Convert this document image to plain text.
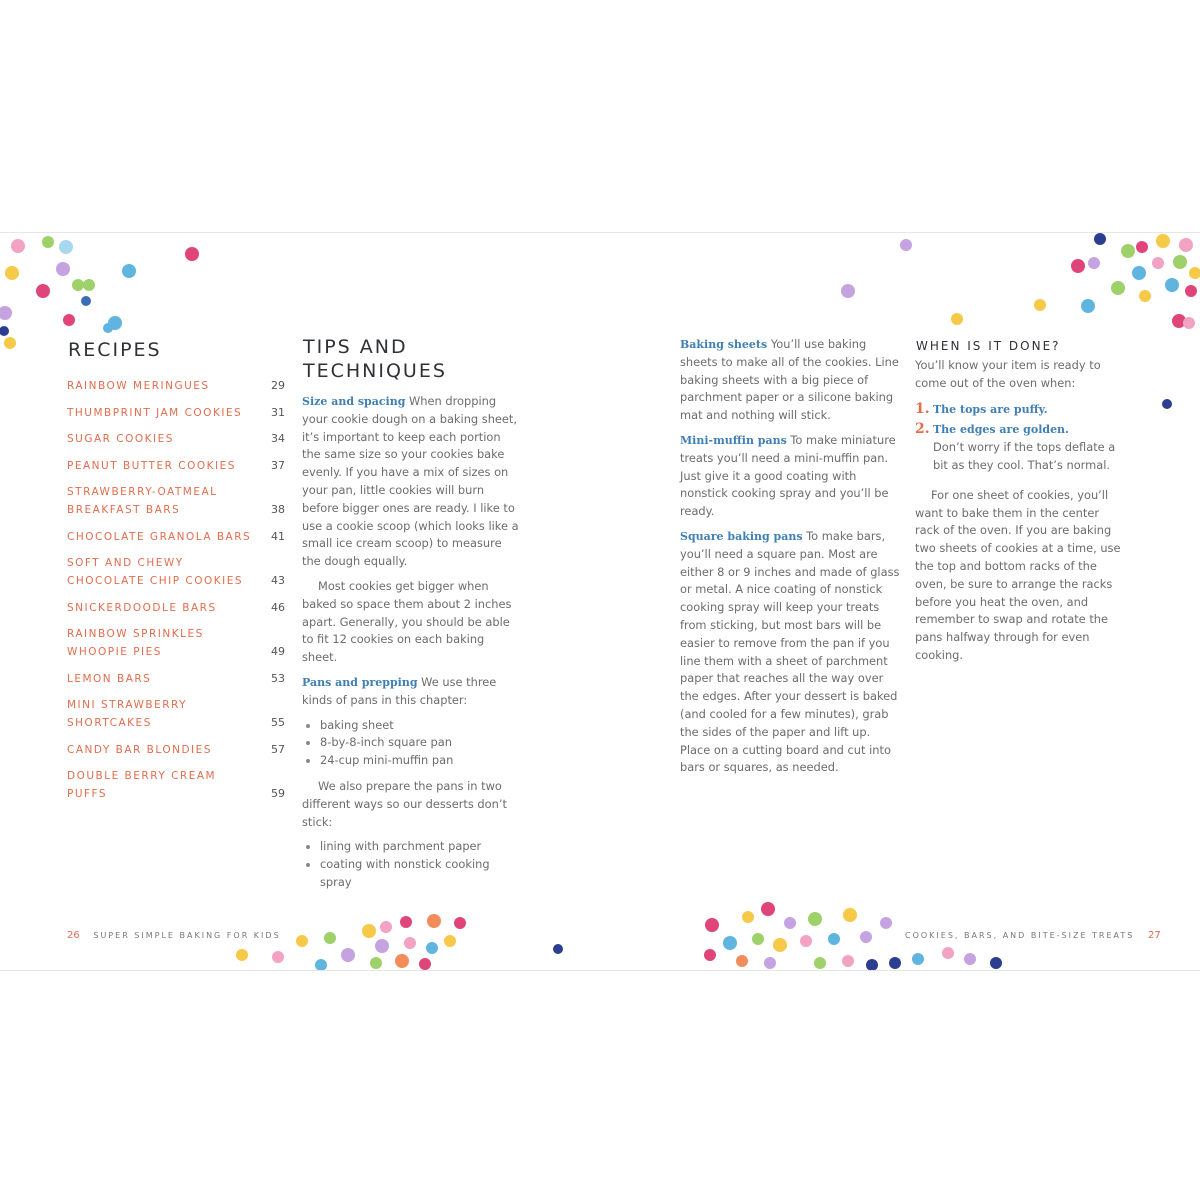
RECIPES
RAINBOW MERINGUES	29
THUMBPRINT JAM COOKIES	31
SUGAR COOKIES	34
PEANUT BUTTER COOKIES	37
STRAWBERRY-OATMEAL BREAKFAST BARS	38
CHOCOLATE GRANOLA BARS 41
SOFT AND CHEWY CHOCOLATE CHIP COOKIES	43
SNICKERDOODLE BARS	46
RAINBOW SPRINKLES WHOOPIE PIES	49
LEMON BARS	53
MINI STRAWBERRY SHORTCAKES	55
CANDY BAR BLONDIES	57
DOUBLE BERRY CREAM PUFFS	59
TIPS AND
TECHNIQUES

Size and spacing When dropping your cookie dough on a baking sheet, it’s important to keep each portion the same size so your cookies bake evenly. If you have a mix of sizes on your pan, little cookies will burn before bigger ones are ready. I like to use a cookie scoop (which looks like a small ice cream scoop) to measure the dough equally.

Most cookies get bigger when baked so space them about 2 inches apart. Generally, you should be able to fit 12 cookies on each baking sheet.

Pans and prepping We use three kinds of pans in this chapter:

• baking sheet
• 8-by-8-inch square pan
• 24-cup mini-muffin pan

We also prepare the pans in two different ways so our desserts don’t stick:

• lining with parchment paper
• coating with nonstick cooking spray
26 SUPER SIMPLE BAKING FOR KIDS

Baking sheets You’ll use baking sheets to make all of the cookies. Line baking sheets with a big piece of parchment paper or a silicone baking mat and nothing will stick.

Mini-muffin pans To make miniature treats you’ll need a mini-muffin pan. Just give it a good coating with nonstick cooking spray and you’ll be ready.

Square baking pans To make bars, you’ll need a square pan. Most are either 8 or 9 inches and made of glass or metal. A nice coating of nonstick cooking spray will keep your treats from sticking, but most bars will be easier to remove from the pan if you line them with a sheet of parchment paper that reaches all the way over the edges. After your dessert is baked (and cooled for a few minutes), grab the sides of the paper and lift up. Place on a cutting board and cut into bars or squares, as needed.

WHEN IS IT DONE?

You’ll know your item is ready to come out of the oven when:

1. The tops are puffy.
2. The edges are golden.
Don’t worry if the tops deflate a bit as they cool. That’s normal.

For one sheet of cookies, you’ll want to bake them in the center rack of the oven. If you are baking two sheets of cookies at a time, use the top and bottom racks of the oven, be sure to arrange the racks before you heat the oven, and remember to swap and rotate the pans halfway through for even cooking.

COOKIES, BARS, AND BITE-SIZE TREATS 27
